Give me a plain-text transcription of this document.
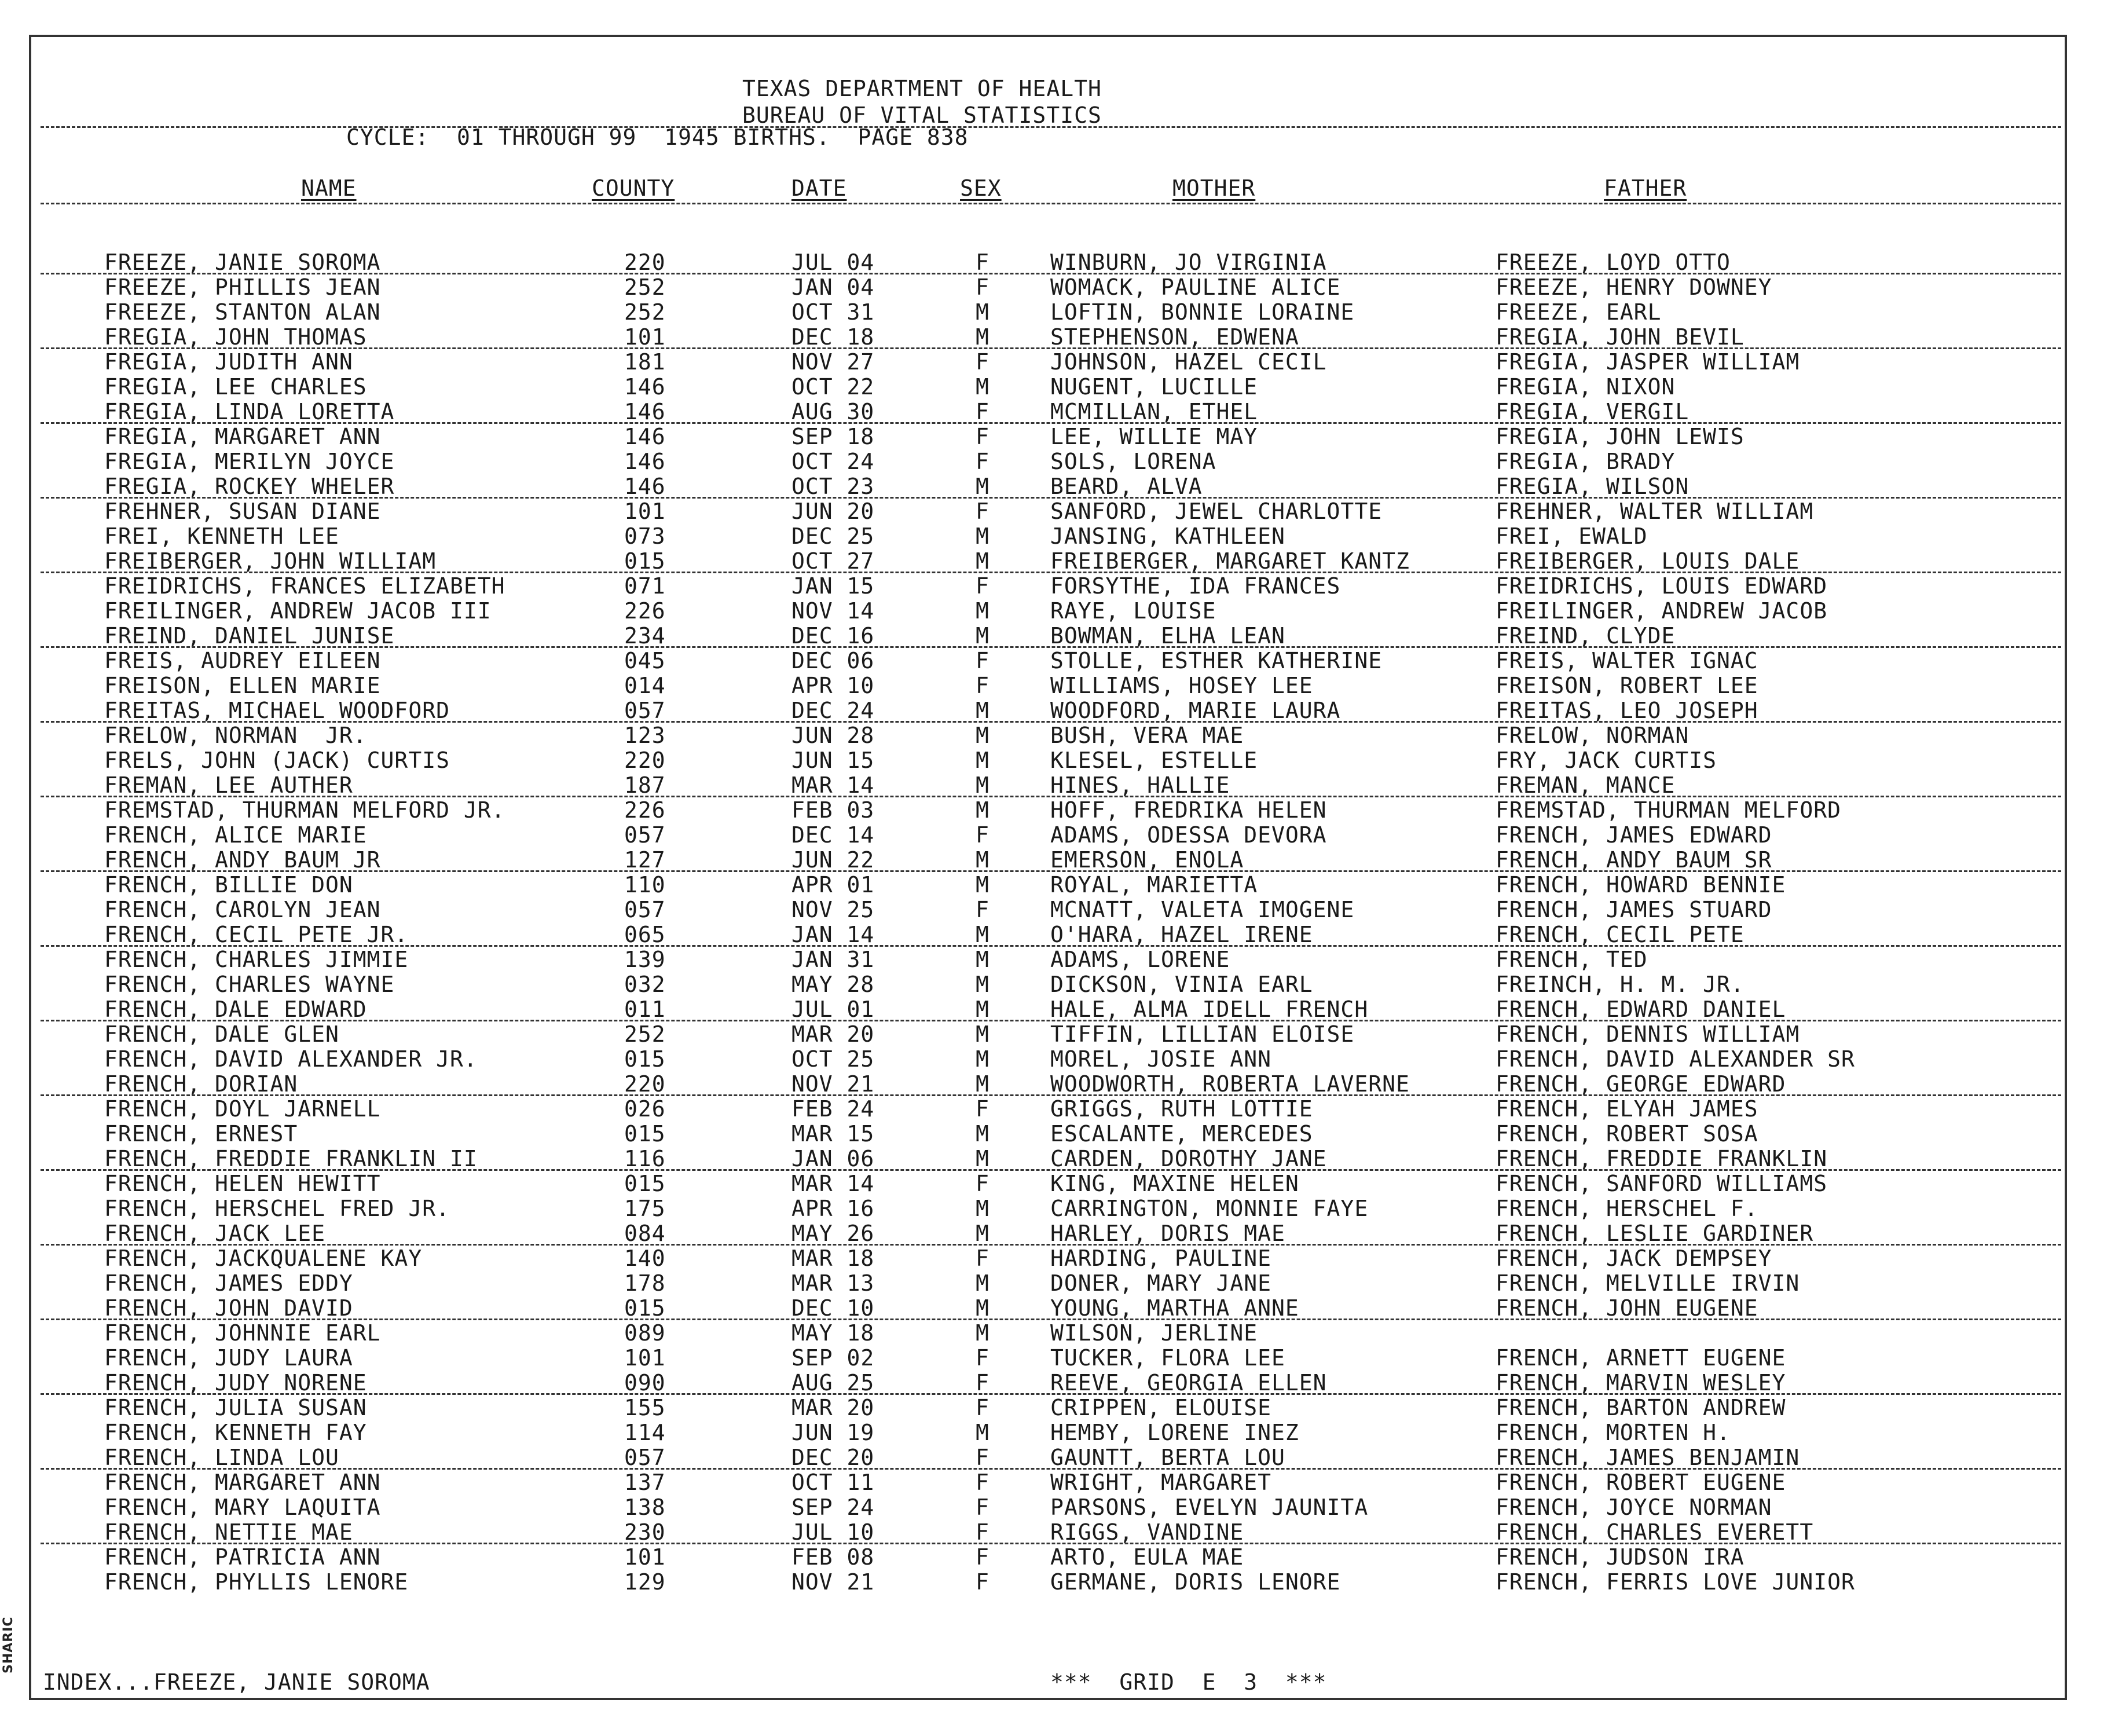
TEXAS DEPARTMENT OF HEALTH
BUREAU OF VITAL STATISTICS
CYCLE:  01 THROUGH 99  1945 BIRTHS.  PAGE 838
NAME	COUNTY	DATE	SEX	MOTHER	FATHER
FREEZE, JANIE SOROMA	220	JUL 04	F	WINBURN, JO VIRGINIA	FREEZE, LOYD OTTO
FREEZE, PHILLIS JEAN	252	JAN 04	F	WOMACK, PAULINE ALICE	FREEZE, HENRY DOWNEY
FREEZE, STANTON ALAN	252	OCT 31	M	LOFTIN, BONNIE LORAINE	FREEZE, EARL
FREGIA, JOHN THOMAS	101	DEC 18	M	STEPHENSON, EDWENA	FREGIA, JOHN BEVIL
FREGIA, JUDITH ANN	181	NOV 27	F	JOHNSON, HAZEL CECIL	FREGIA, JASPER WILLIAM
FREGIA, LEE CHARLES	146	OCT 22	M	NUGENT, LUCILLE	FREGIA, NIXON
FREGIA, LINDA LORETTA	146	AUG 30	F	MCMILLAN, ETHEL	FREGIA, VERGIL
FREGIA, MARGARET ANN	146	SEP 18	F	LEE, WILLIE MAY	FREGIA, JOHN LEWIS
FREGIA, MERILYN JOYCE	146	OCT 24	F	SOLS, LORENA	FREGIA, BRADY
FREGIA, ROCKEY WHELER	146	OCT 23	M	BEARD, ALVA	FREGIA, WILSON
FREHNER, SUSAN DIANE	101	JUN 20	F	SANFORD, JEWEL CHARLOTTE	FREHNER, WALTER WILLIAM
FREI, KENNETH LEE	073	DEC 25	M	JANSING, KATHLEEN	FREI, EWALD
FREIBERGER, JOHN WILLIAM	015	OCT 27	M	FREIBERGER, MARGARET KANTZ	FREIBERGER, LOUIS DALE
FREIDRICHS, FRANCES ELIZABETH	071	JAN 15	F	FORSYTHE, IDA FRANCES	FREIDRICHS, LOUIS EDWARD
FREILINGER, ANDREW JACOB III	226	NOV 14	M	RAYE, LOUISE	FREILINGER, ANDREW JACOB
FREIND, DANIEL JUNISE	234	DEC 16	M	BOWMAN, ELHA LEAN	FREIND, CLYDE
FREIS, AUDREY EILEEN	045	DEC 06	F	STOLLE, ESTHER KATHERINE	FREIS, WALTER IGNAC
FREISON, ELLEN MARIE	014	APR 10	F	WILLIAMS, HOSEY LEE	FREISON, ROBERT LEE
FREITAS, MICHAEL WOODFORD	057	DEC 24	M	WOODFORD, MARIE LAURA	FREITAS, LEO JOSEPH
FRELOW, NORMAN  JR.	123	JUN 28	M	BUSH, VERA MAE	FRELOW, NORMAN
FRELS, JOHN (JACK) CURTIS	220	JUN 15	M	KLESEL, ESTELLE	FRY, JACK CURTIS
FREMAN, LEE AUTHER	187	MAR 14	M	HINES, HALLIE	FREMAN, MANCE
FREMSTAD, THURMAN MELFORD JR.	226	FEB 03	M	HOFF, FREDRIKA HELEN	FREMSTAD, THURMAN MELFORD
FRENCH, ALICE MARIE	057	DEC 14	F	ADAMS, ODESSA DEVORA	FRENCH, JAMES EDWARD
FRENCH, ANDY BAUM JR	127	JUN 22	M	EMERSON, ENOLA	FRENCH, ANDY BAUM SR
FRENCH, BILLIE DON	110	APR 01	M	ROYAL, MARIETTA	FRENCH, HOWARD BENNIE
FRENCH, CAROLYN JEAN	057	NOV 25	F	MCNATT, VALETA IMOGENE	FRENCH, JAMES STUARD
FRENCH, CECIL PETE JR.	065	JAN 14	M	O'HARA, HAZEL IRENE	FRENCH, CECIL PETE
FRENCH, CHARLES JIMMIE	139	JAN 31	M	ADAMS, LORENE	FRENCH, TED
FRENCH, CHARLES WAYNE	032	MAY 28	M	DICKSON, VINIA EARL	FREINCH, H. M. JR.
FRENCH, DALE EDWARD	011	JUL 01	M	HALE, ALMA IDELL FRENCH	FRENCH, EDWARD DANIEL
FRENCH, DALE GLEN	252	MAR 20	M	TIFFIN, LILLIAN ELOISE	FRENCH, DENNIS WILLIAM
FRENCH, DAVID ALEXANDER JR.	015	OCT 25	M	MOREL, JOSIE ANN	FRENCH, DAVID ALEXANDER SR
FRENCH, DORIAN	220	NOV 21	M	WOODWORTH, ROBERTA LAVERNE	FRENCH, GEORGE EDWARD
FRENCH, DOYL JARNELL	026	FEB 24	F	GRIGGS, RUTH LOTTIE	FRENCH, ELYAH JAMES
FRENCH, ERNEST	015	MAR 15	M	ESCALANTE, MERCEDES	FRENCH, ROBERT SOSA
FRENCH, FREDDIE FRANKLIN II	116	JAN 06	M	CARDEN, DOROTHY JANE	FRENCH, FREDDIE FRANKLIN
FRENCH, HELEN HEWITT	015	MAR 14	F	KING, MAXINE HELEN	FRENCH, SANFORD WILLIAMS
FRENCH, HERSCHEL FRED JR.	175	APR 16	M	CARRINGTON, MONNIE FAYE	FRENCH, HERSCHEL F.
FRENCH, JACK LEE	084	MAY 26	M	HARLEY, DORIS MAE	FRENCH, LESLIE GARDINER
FRENCH, JACKQUALENE KAY	140	MAR 18	F	HARDING, PAULINE	FRENCH, JACK DEMPSEY
FRENCH, JAMES EDDY	178	MAR 13	M	DONER, MARY JANE	FRENCH, MELVILLE IRVIN
FRENCH, JOHN DAVID	015	DEC 10	M	YOUNG, MARTHA ANNE	FRENCH, JOHN EUGENE
FRENCH, JOHNNIE EARL	089	MAY 18	M	WILSON, JERLINE
FRENCH, JUDY LAURA	101	SEP 02	F	TUCKER, FLORA LEE	FRENCH, ARNETT EUGENE
FRENCH, JUDY NORENE	090	AUG 25	F	REEVE, GEORGIA ELLEN	FRENCH, MARVIN WESLEY
FRENCH, JULIA SUSAN	155	MAR 20	F	CRIPPEN, ELOUISE	FRENCH, BARTON ANDREW
FRENCH, KENNETH FAY	114	JUN 19	M	HEMBY, LORENE INEZ	FRENCH, MORTEN H.
FRENCH, LINDA LOU	057	DEC 20	F	GAUNTT, BERTA LOU	FRENCH, JAMES BENJAMIN
FRENCH, MARGARET ANN	137	OCT 11	F	WRIGHT, MARGARET	FRENCH, ROBERT EUGENE
FRENCH, MARY LAQUITA	138	SEP 24	F	PARSONS, EVELYN JAUNITA	FRENCH, JOYCE NORMAN
FRENCH, NETTIE MAE	230	JUL 10	F	RIGGS, VANDINE	FRENCH, CHARLES EVERETT
FRENCH, PATRICIA ANN	101	FEB 08	F	ARTO, EULA MAE	FRENCH, JUDSON IRA
FRENCH, PHYLLIS LENORE	129	NOV 21	F	GERMANE, DORIS LENORE	FRENCH, FERRIS LOVE JUNIOR
INDEX...FREEZE, JANIE SOROMA	***  GRID  E  3  ***
SHARIC
